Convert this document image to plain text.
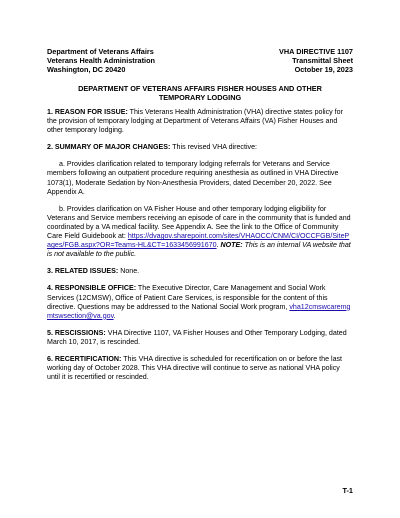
Department of Veterans Affairs
Veterans Health Administration
Washington, DC 20420
VHA DIRECTIVE 1107
Transmittal Sheet
October 19, 2023
DEPARTMENT OF VETERANS AFFAIRS FISHER HOUSES AND OTHER
TEMPORARY LODGING

1. REASON FOR ISSUE: This Veterans Health Administration (VHA) directive states policy for the provision of temporary lodging at Department of Veterans Affairs (VA) Fisher Houses and other temporary lodging.

2. SUMMARY OF MAJOR CHANGES: This revised VHA directive:

a. Provides clarification related to temporary lodging referrals for Veterans and Service members following an outpatient procedure requiring anesthesia as outlined in VHA Directive 1073(1), Moderate Sedation by Non-Anesthesia Providers, dated December 20, 2022. See Appendix A.

b. Provides clarification on VA Fisher House and other temporary lodging eligibility for Veterans and Service members receiving an episode of care in the community that is funded and coordinated by a VA medical facility. See Appendix A. See the link to the Office of Community Care Field Guidebook at: https://dvagov.sharepoint.com/sites/VHAOCC/CNM/CI/OCCFGB/SitePages/FGB.aspx?OR=Teams-HL&CT=1633456991670. NOTE: This is an internal VA website that is not available to the public.

3. RELATED ISSUES: None.

4. RESPONSIBLE OFFICE: The Executive Director, Care Management and Social Work Services (12CMSW), Office of Patient Care Services, is responsible for the content of this directive. Questions may be addressed to the National Social Work program, vha12cmswcaremgmtswsection@va.gov.

5. RESCISSIONS: VHA Directive 1107, VA Fisher Houses and Other Temporary Lodging, dated March 10, 2017, is rescinded.

6. RECERTIFICATION: This VHA directive is scheduled for recertification on or before the last working day of October 2028. This VHA directive will continue to serve as national VHA policy until it is recertified or rescinded.

T-1
